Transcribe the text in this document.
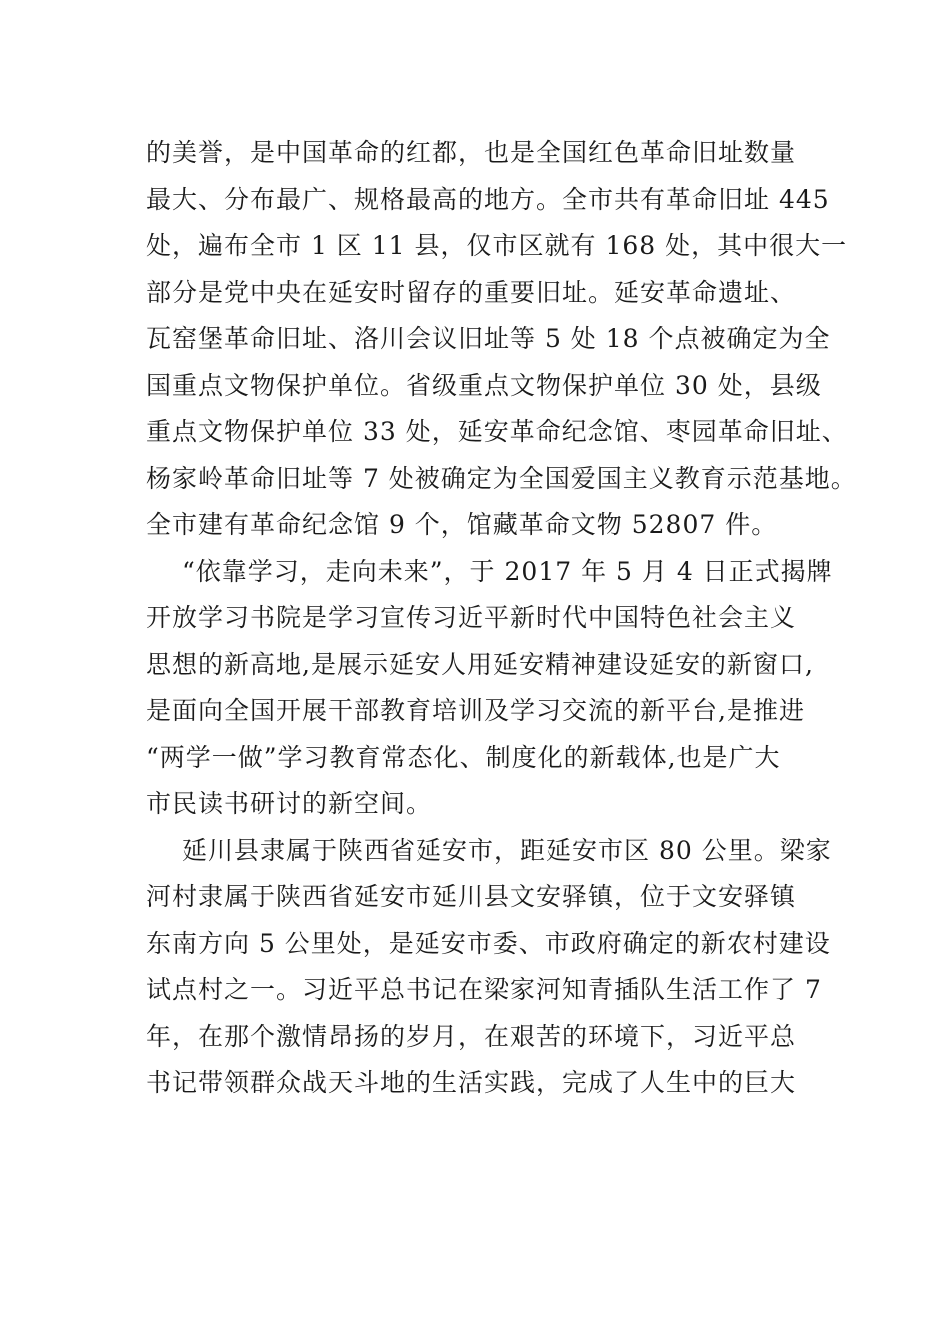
的美誉，是中国革命的红都，也是全国红色革命旧址数量
最大、分布最广、规格最高的地方。全市共有革命旧址 445
处，遍布全市 1 区 11 县，仅市区就有 168 处，其中很大一
部分是党中央在延安时留存的重要旧址。延安革命遗址、
瓦窑堡革命旧址、洛川会议旧址等 5 处 18 个点被确定为全
国重点文物保护单位。省级重点文物保护单位 30 处，县级
重点文物保护单位 33 处，延安革命纪念馆、枣园革命旧址、
杨家岭革命旧址等 7 处被确定为全国爱国主义教育示范基地。
全市建有革命纪念馆 9 个，馆藏革命文物 52807 件。
“依靠学习，走向未来”，于 2017 年 5 月 4 日正式揭牌
开放学习书院是学习宣传习近平新时代中国特色社会主义
思想的新高地,是展示延安人用延安精神建设延安的新窗口,
是面向全国开展干部教育培训及学习交流的新平台,是推进
“两学一做”学习教育常态化、制度化的新载体,也是广大
市民读书研讨的新空间。
延川县隶属于陕西省延安市，距延安市区 80 公里。梁家
河村隶属于陕西省延安市延川县文安驿镇，位于文安驿镇
东南方向 5 公里处，是延安市委、市政府确定的新农村建设
试点村之一。习近平总书记在梁家河知青插队生活工作了 7
年，在那个激情昂扬的岁月，在艰苦的环境下，习近平总
书记带领群众战天斗地的生活实践，完成了人生中的巨大
